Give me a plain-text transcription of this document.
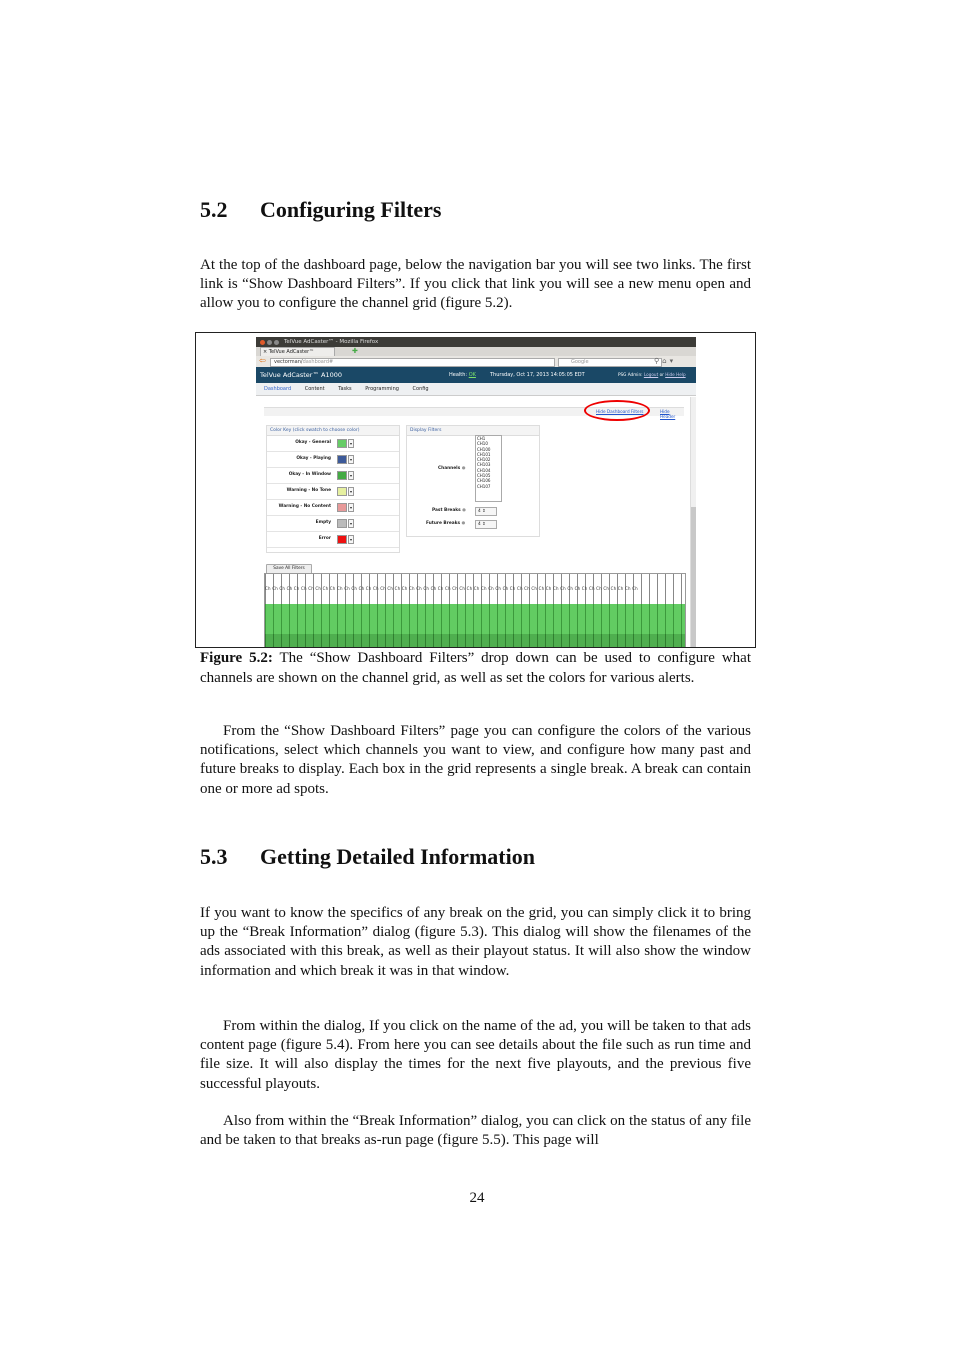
5.2 Configuring Filters

At the top of the dashboard page, below the navigation bar you will see two links. The first link is “Show Dashboard Filters”. If you click that link you will see a new menu open and allow you to configure the channel grid (figure 5.2).

TelVue AdCaster™ - Mozilla Firefox
× TelVue AdCaster™	✚
⇦	vectorman/dashboard#	Google	⚲⌂▾
TelVue AdCaster™ A1000	Health: OK	Thursday, Oct 17, 2013 14:05:05 EDT	PSG Admin: Logout or Hide Help
Dashboard	Content	Tasks	Programming	Config
Hide Dashboard Filters	Hide Header
Color Key (click swatch to choose color)
Okay - General	▾
Okay - Playing	▾
Okay - In Window	▾
Warning - No Tone	▾
Warning - No Content	▾
Empty	▾
Error	▾
Display Filters
Channels ●
CH1
CH10
CH100
CH101
CH102
CH103
CH104
CH105
CH106
CH107
Past Breaks ●	4 ⇕
Future Breaks ●	4 ⇕
Save All Filters
Ch Ch Ch Ch Ch Ch Ch Ch Ch Ch Ch Ch Ch Ch Ch Ch Ch Ch Ch Ch Ch Ch Ch Ch Ch Ch Ch Ch Ch Ch Ch Ch Ch Ch Ch Ch Ch Ch Ch Ch Ch Ch Ch Ch Ch Ch Ch Ch Ch Ch Ch Ch

Figure 5.2: The “Show Dashboard Filters” drop down can be used to configure what channels are shown on the channel grid, as well as set the colors for various alerts.

From the “Show Dashboard Filters” page you can configure the colors of the various notifications, select which channels you want to view, and configure how many past and future breaks to display. Each box in the grid represents a single break. A break can contain one or more ad spots.

5.3 Getting Detailed Information

If you want to know the specifics of any break on the grid, you can simply click it to bring up the “Break Information” dialog (figure 5.3). This dialog will show the filenames of the ads associated with this break, as well as their playout status. It will also show the window information and which break it was in that window.

From within the dialog, If you click on the name of the ad, you will be taken to that ads content page (figure 5.4). From here you can see details about the file such as run time and file size. It will also display the times for the next five playouts, and the previous five successful playouts.

Also from within the “Break Information” dialog, you can click on the status of any file and be taken to that breaks as-run page (figure 5.5). This page will

24
